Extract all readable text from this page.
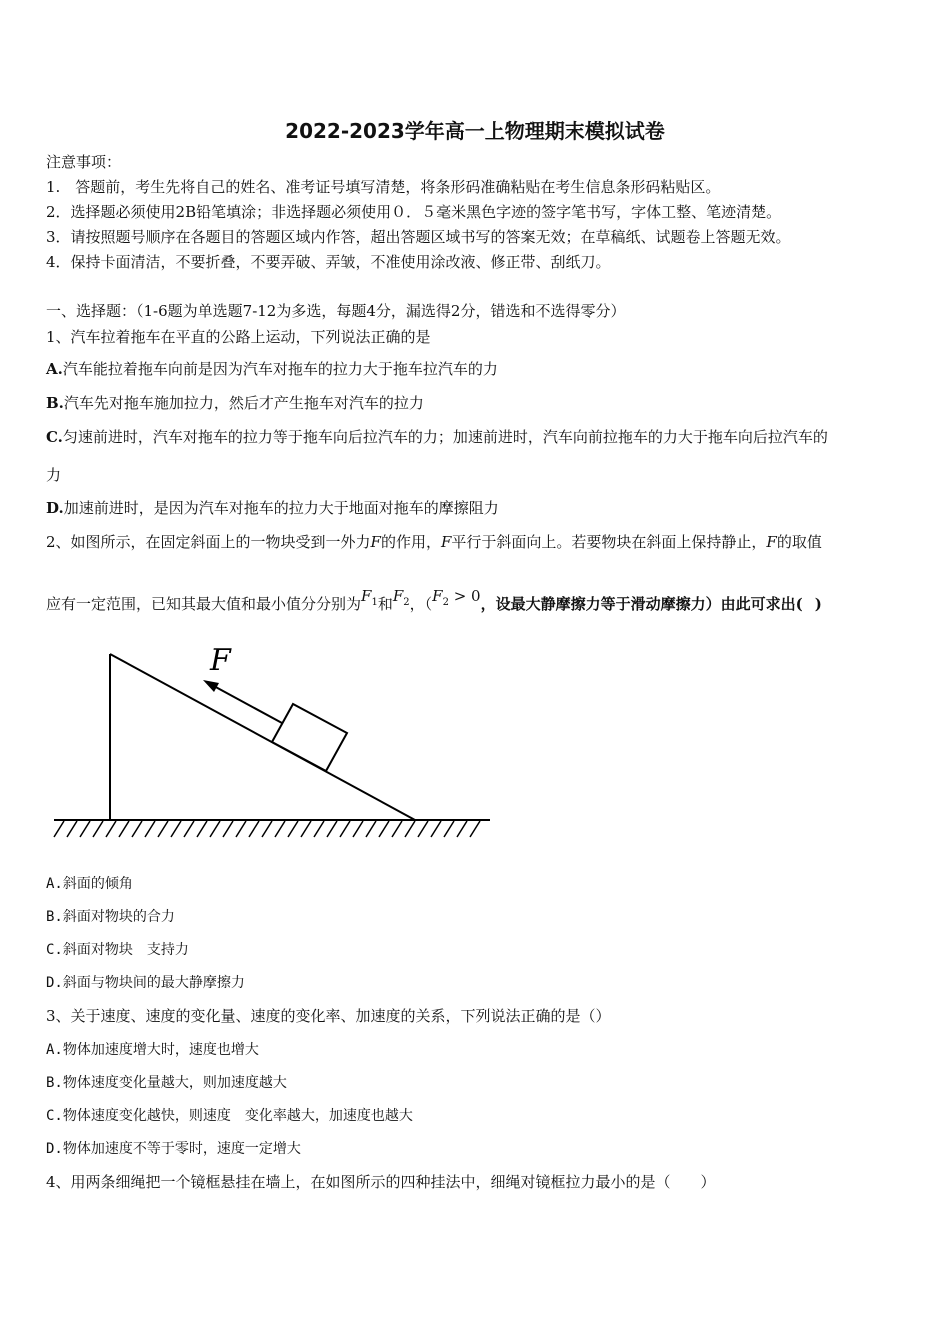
2022-2023学年高一上物理期末模拟试卷
注意事项：
1.　答题前，考生先将自己的姓名、准考证号填写清楚，将条形码准确粘贴在考生信息条形码粘贴区。
2．选择题必须使用2B铅笔填涂；非选择题必须使用０．５毫米黑色字迹的签字笔书写，字体工整、笔迹清楚。
3．请按照题号顺序在各题目的答题区域内作答，超出答题区域书写的答案无效；在草稿纸、试题卷上答题无效。
4．保持卡面清洁，不要折叠，不要弄破、弄皱，不准使用涂改液、修正带、刮纸刀。
一、选择题：（1-6题为单选题7-12为多选，每题4分，漏选得2分，错选和不选得零分）
1、汽车拉着拖车在平直的公路上运动，下列说法正确的是
A.汽车能拉着拖车向前是因为汽车对拖车的拉力大于拖车拉汽车的力
B.汽车先对拖车施加拉力，然后才产生拖车对汽车的拉力
C.匀速前进时，汽车对拖车的拉力等于拖车向后拉汽车的力；加速前进时，汽车向前拉拖车的力大于拖车向后拉汽车的
力
D.加速前进时，是因为汽车对拖车的拉力大于地面对拖车的摩擦阻力
2、如图所示，在固定斜面上的一物块受到一外力F的作用，F平行于斜面向上。若要物块在斜面上保持静止，F的取值
应有一定范围，已知其最大值和最小值分分别为$F_1$和$F_2$，（$F_2 > 0$，设最大静摩擦力等于滑动摩擦力）由此可求出( )
F
A.斜面的倾角
B.斜面对物块的合力
C.斜面对物块　支持力
D.斜面与物块间的最大静摩擦力
3、关于速度、速度的变化量、速度的变化率、加速度的关系，下列说法正确的是（）
A.物体加速度增大时，速度也增大
B.物体速度变化量越大，则加速度越大
C.物体速度变化越快，则速度　变化率越大，加速度也越大
D.物体加速度不等于零时，速度一定增大
4、用两条细绳把一个镜框悬挂在墙上，在如图所示的四种挂法中，细绳对镜框拉力最小的是（　　）
